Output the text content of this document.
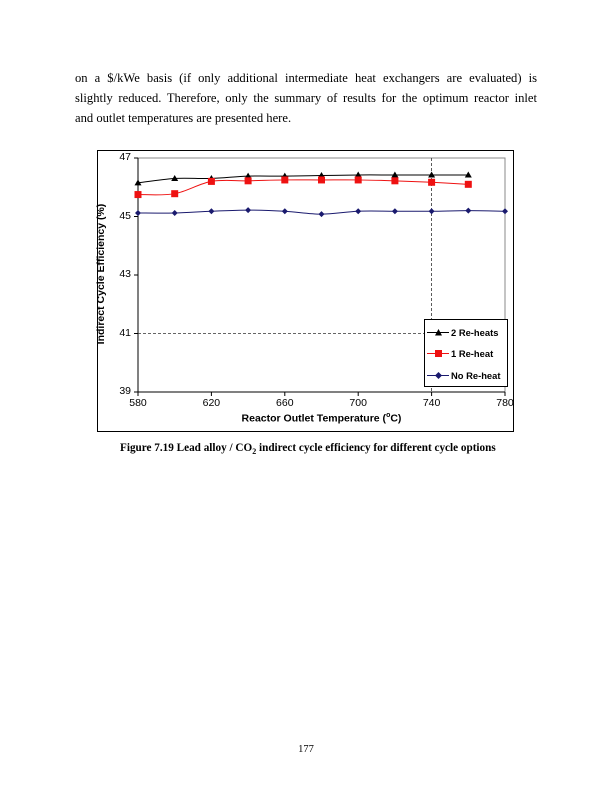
on a $/kWe basis (if only additional intermediate heat exchangers are evaluated) is
slightly reduced. Therefore, only the summary of results for the optimum reactor inlet
and outlet temperatures are presented here.
Indirect Cycle Efficiency (%)
Reactor Outlet Temperature ($^o$C)
39
41
43
45
47
580	620	660	700	740	780
2 Re-heats
1 Re-heat
No Re-heat
Figure 7.19 Lead alloy / $CO_2$ indirect cycle efficiency for different cycle options
177
